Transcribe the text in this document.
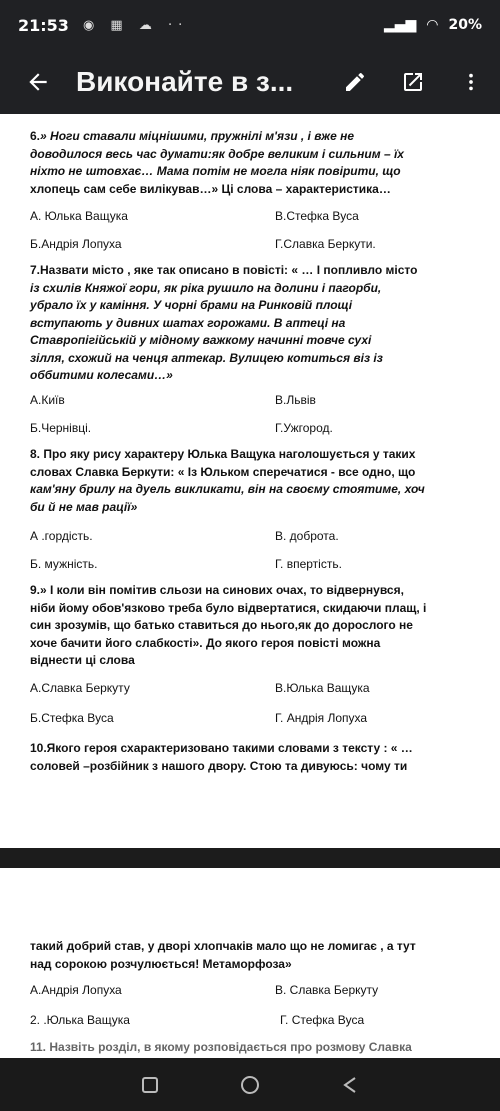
21:53 ◉ ▦ ☁ ··	▂▄▆ ◠ 20%
Виконайте в з...
6.» Ноги ставали міцнішими, пружнілі м'язи , і вже не
доводилося весь час думати:як добре великим і сильним – їх
ніхто не штовхає… Мама потім не могла ніяк повірити, що
хлопець сам себе вилікував…» Ці слова – характеристика…
А. Юлька Ващука	В.Стефка Вуса
Б.Андрія Лопуха	Г.Славка Беркути.
7.Назвати місто , яке так описано в повісті: « … І попливло місто
із схилів Княжої гори, як ріка рушило на долини і пагорби,
убрало їх у каміння. У чорні брами на Ринковій площі
вступають у дивних шатах горожами. В аптеці на
Ставропігійській у мідному важкому начинні товче сухі
зілля, схожий на ченця аптекар. Вулицею котиться віз із
оббитими колесами…»
А.Київ	В.Львів
Б.Чернівці.	Г.Ужгород.
8. Про яку рису характеру Юлька Ващука наголошується у таких
словах Славка Беркути: « Із Юльком сперечатися - все одно, що
кам'яну брилу на дуель викликати, він на своєму стоятиме, хоч
би й не мав рації»
А .гордість.	В. доброта.
Б. мужність.	Г. впертість.
9.» І коли він помітив сльози на синових очах, то відвернувся,
ніби йому обов'язково треба було відвертатися, скидаючи плащ, і
син зрозумів, що батько ставиться до нього,як до дорослого не
хоче бачити його слабкості». До якого героя повісті можна
віднести ці слова
А.Славка Беркуту	В.Юлька Ващука
Б.Стефка Вуса	Г. Андрія Лопуха
10.Якого героя схарактеризовано такими словами з тексту : « …
соловей –розбійник з нашого двору. Стою та дивуюсь: чому ти
такий добрий став, у дворі хлопчаків мало що не ломигає , а тут
над сорокою розчулюється! Метаморфоза»
А.Андрія Лопуха	В. Славка Беркуту
2. .Юлька Ващука	Г. Стефка Вуса
11. Назвіть розділ, в якому розповідається про розмову Славка
